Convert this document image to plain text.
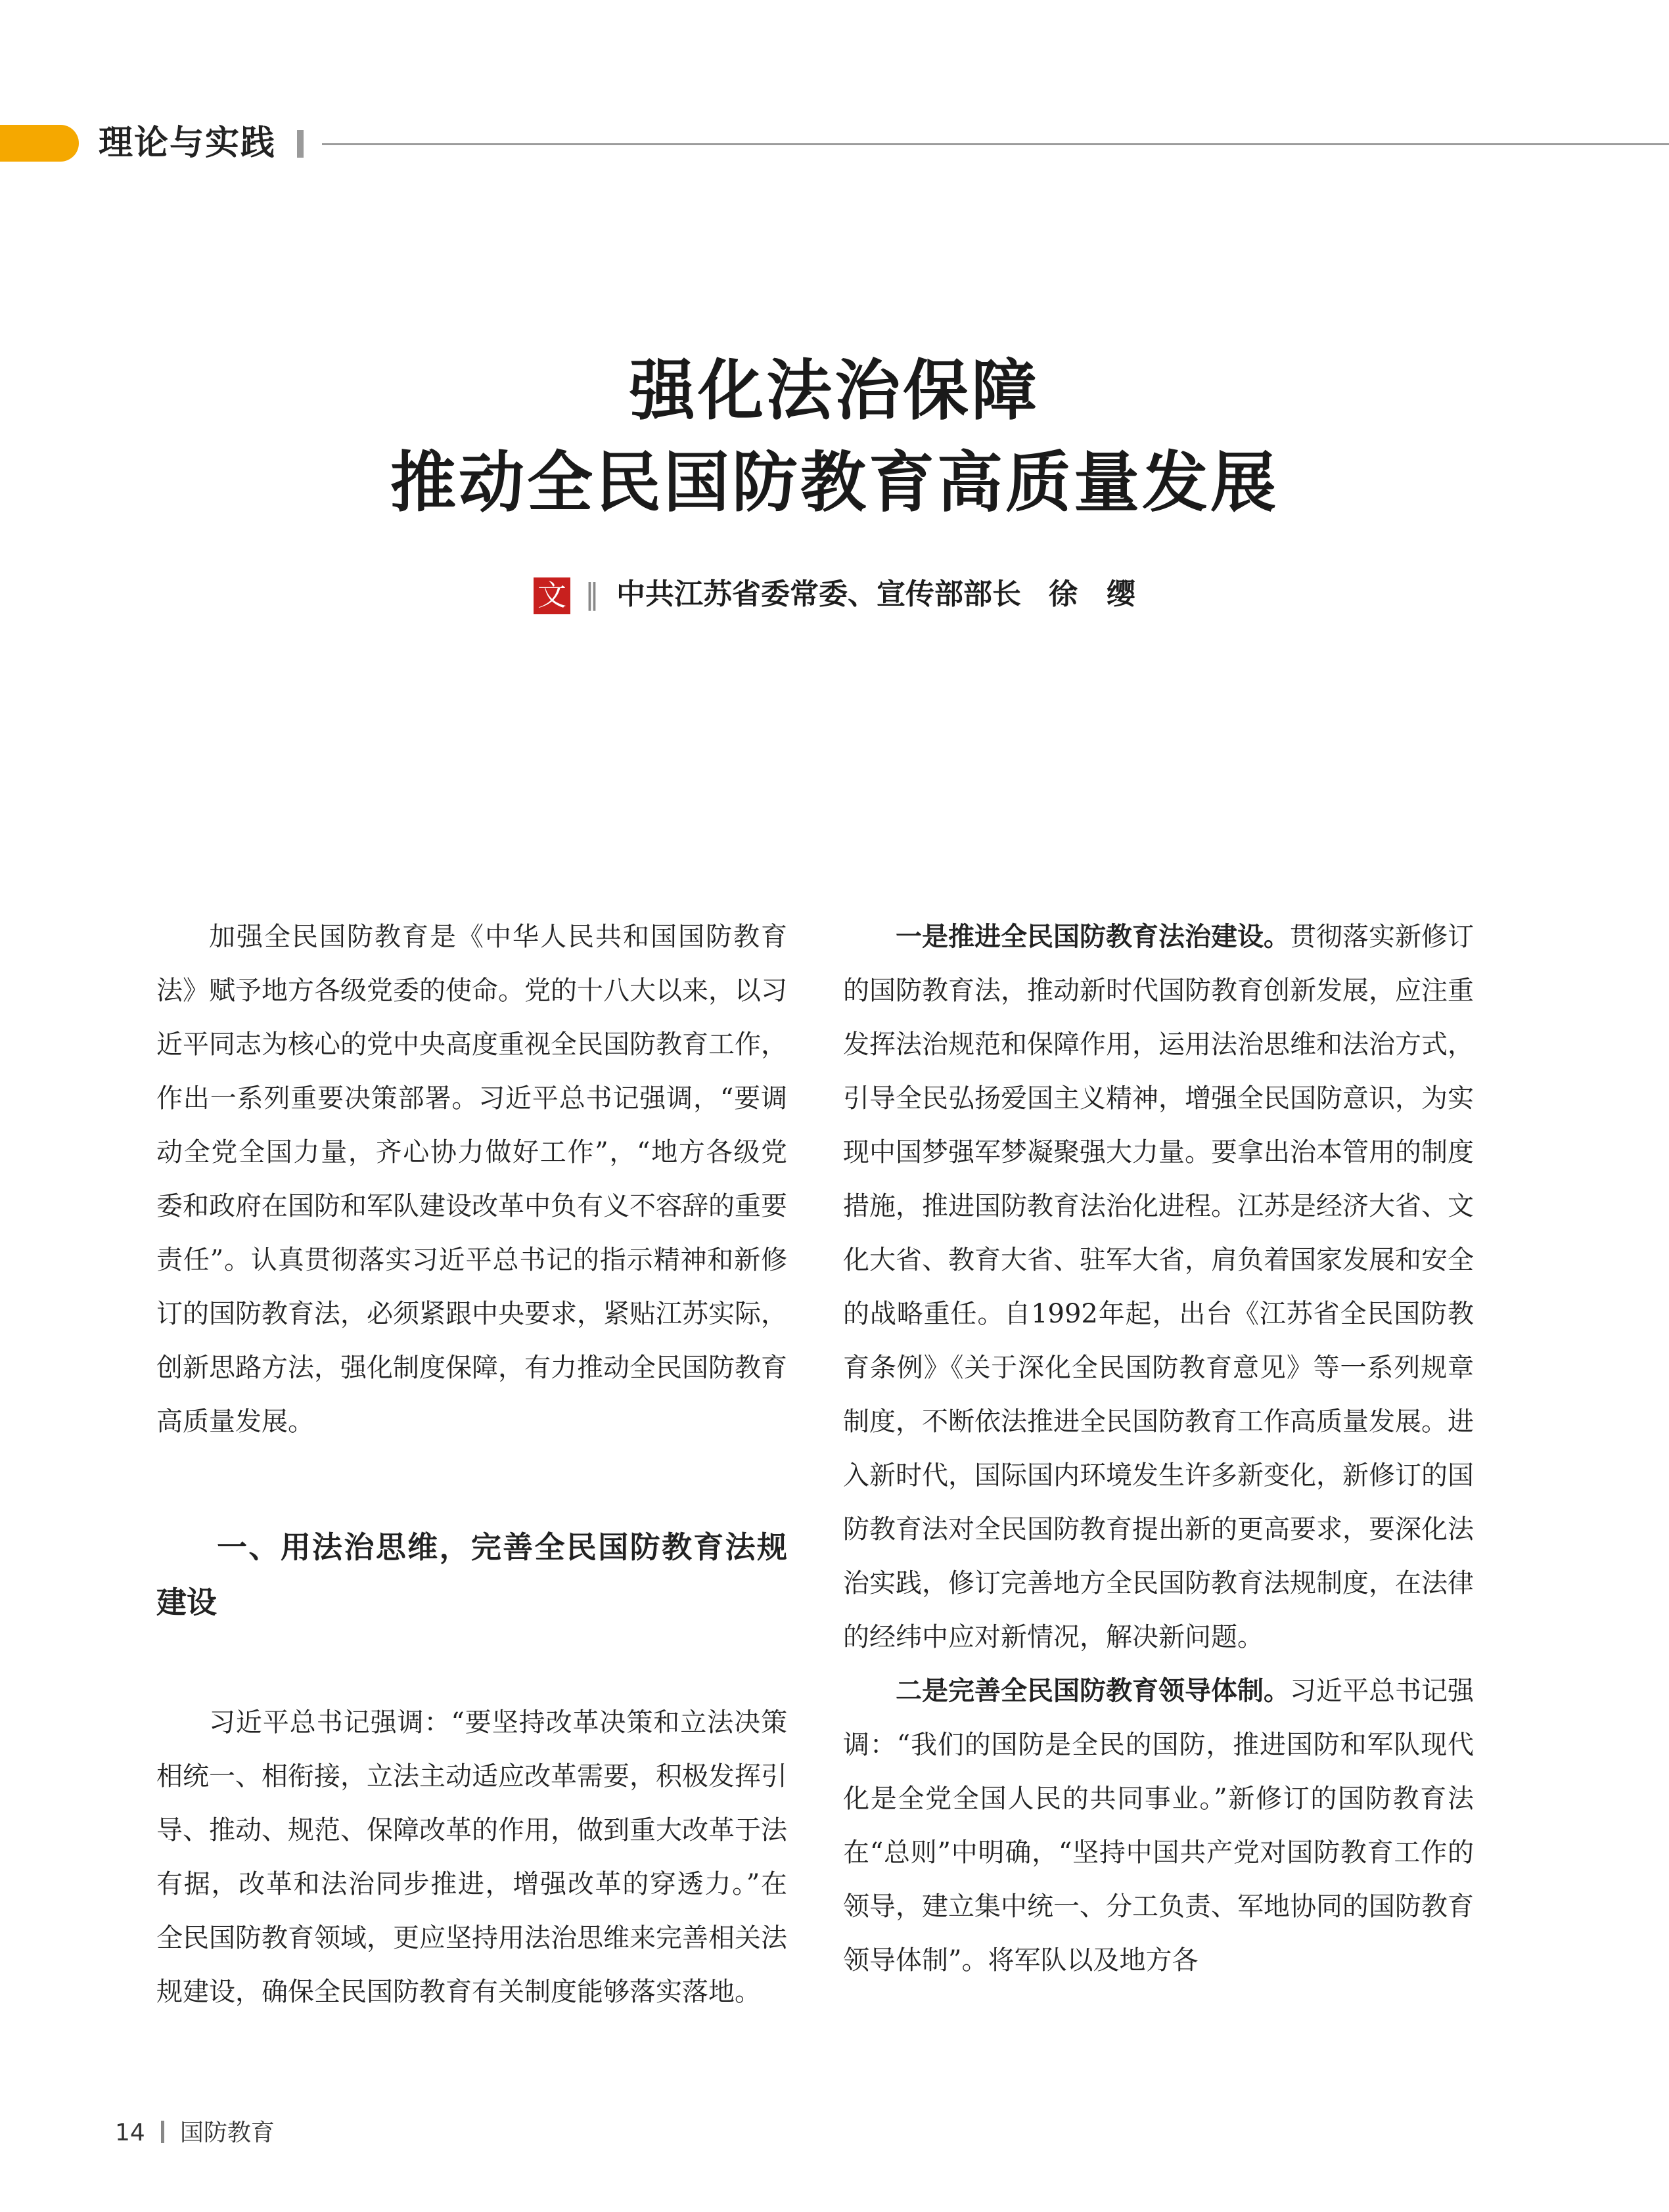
理论与实践
强化法治保障
推动全民国防教育高质量发展
文 ‖ 中共江苏省委常委、宣传部部长 徐　缨

加强全民国防教育是《中华人民共和国国防教育法》赋予地方各级党委的使命。党的十八大以来，以习近平同志为核心的党中央高度重视全民国防教育工作，作出一系列重要决策部署。习近平总书记强调，“要调动全党全国力量，齐心协力做好工作”，“地方各级党委和政府在国防和军队建设改革中负有义不容辞的重要责任”。认真贯彻落实习近平总书记的指示精神和新修订的国防教育法，必须紧跟中央要求，紧贴江苏实际，创新思路方法，强化制度保障，有力推动全民国防教育高质量发展。

一、用法治思维，完善全民国防教育法规建设

习近平总书记强调：“要坚持改革决策和立法决策相统一、相衔接，立法主动适应改革需要，积极发挥引导、推动、规范、保障改革的作用，做到重大改革于法有据，改革和法治同步推进，增强改革的穿透力。”在全民国防教育领域，更应坚持用法治思维来完善相关法规建设，确保全民国防教育有关制度能够落实落地。

一是推进全民国防教育法治建设。贯彻落实新修订的国防教育法，推动新时代国防教育创新发展，应注重发挥法治规范和保障作用，运用法治思维和法治方式，引导全民弘扬爱国主义精神，增强全民国防意识，为实现中国梦强军梦凝聚强大力量。要拿出治本管用的制度措施，推进国防教育法治化进程。江苏是经济大省、文化大省、教育大省、驻军大省，肩负着国家发展和安全的战略重任。自1992年起，出台《江苏省全民国防教育条例》《关于深化全民国防教育意见》等一系列规章制度，不断依法推进全民国防教育工作高质量发展。进入新时代，国际国内环境发生许多新变化，新修订的国防教育法对全民国防教育提出新的更高要求，要深化法治实践，修订完善地方全民国防教育法规制度，在法律的经纬中应对新情况，解决新问题。

二是完善全民国防教育领导体制。习近平总书记强调：“我们的国防是全民的国防，推进国防和军队现代化是全党全国人民的共同事业。”新修订的国防教育法在“总则”中明确，“坚持中国共产党对国防教育工作的领导，建立集中统一、分工负责、军地协同的国防教育领导体制”。将军队以及地方各

14 国防教育
